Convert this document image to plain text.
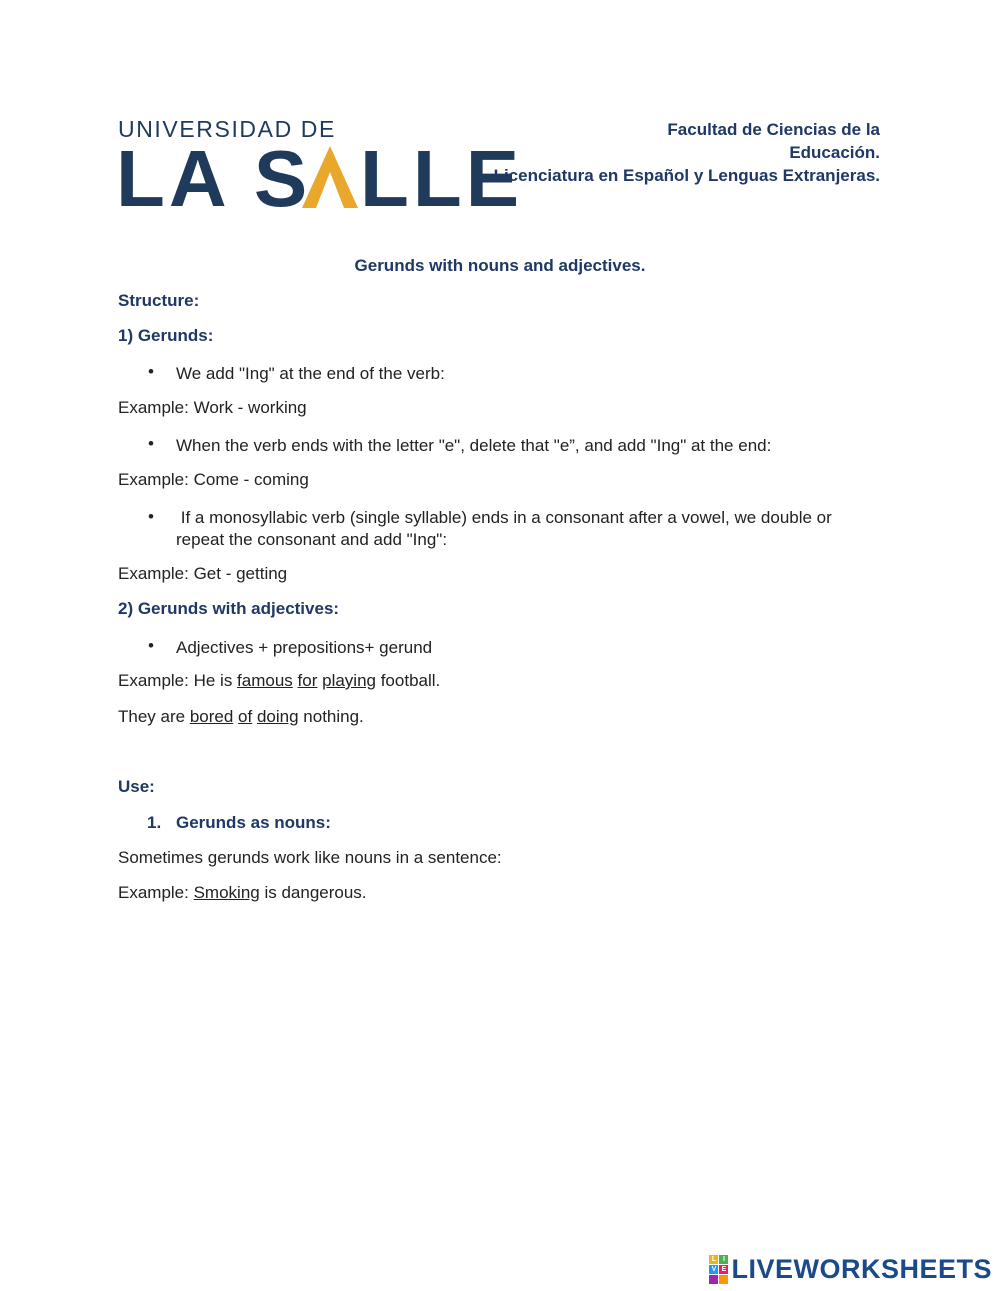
UNIVERSIDAD DE
LA S LLE
Facultad de Ciencias de la
Educación.
Licenciatura en Español y Lenguas Extranjeras.
Gerunds with nouns and adjectives.
Structure:
1) Gerunds:
• We add "Ing" at the end of the verb:
Example: Work - working
• When the verb ends with the letter "e", delete that "e”, and add "Ing" at the end:
Example: Come - coming
• If a monosyllabic verb (single syllable) ends in a consonant after a vowel, we double or
repeat the consonant and add "Ing":
Example: Get - getting
2) Gerunds with adjectives:
• Adjectives + prepositions+ gerund
Example: He is famous for playing football.
They are bored of doing nothing.
Use:
1. Gerunds as nouns:
Sometimes gerunds work like nouns in a sentence:
Example: Smoking is dangerous.
L I
V E LIVEWORKSHEETS
